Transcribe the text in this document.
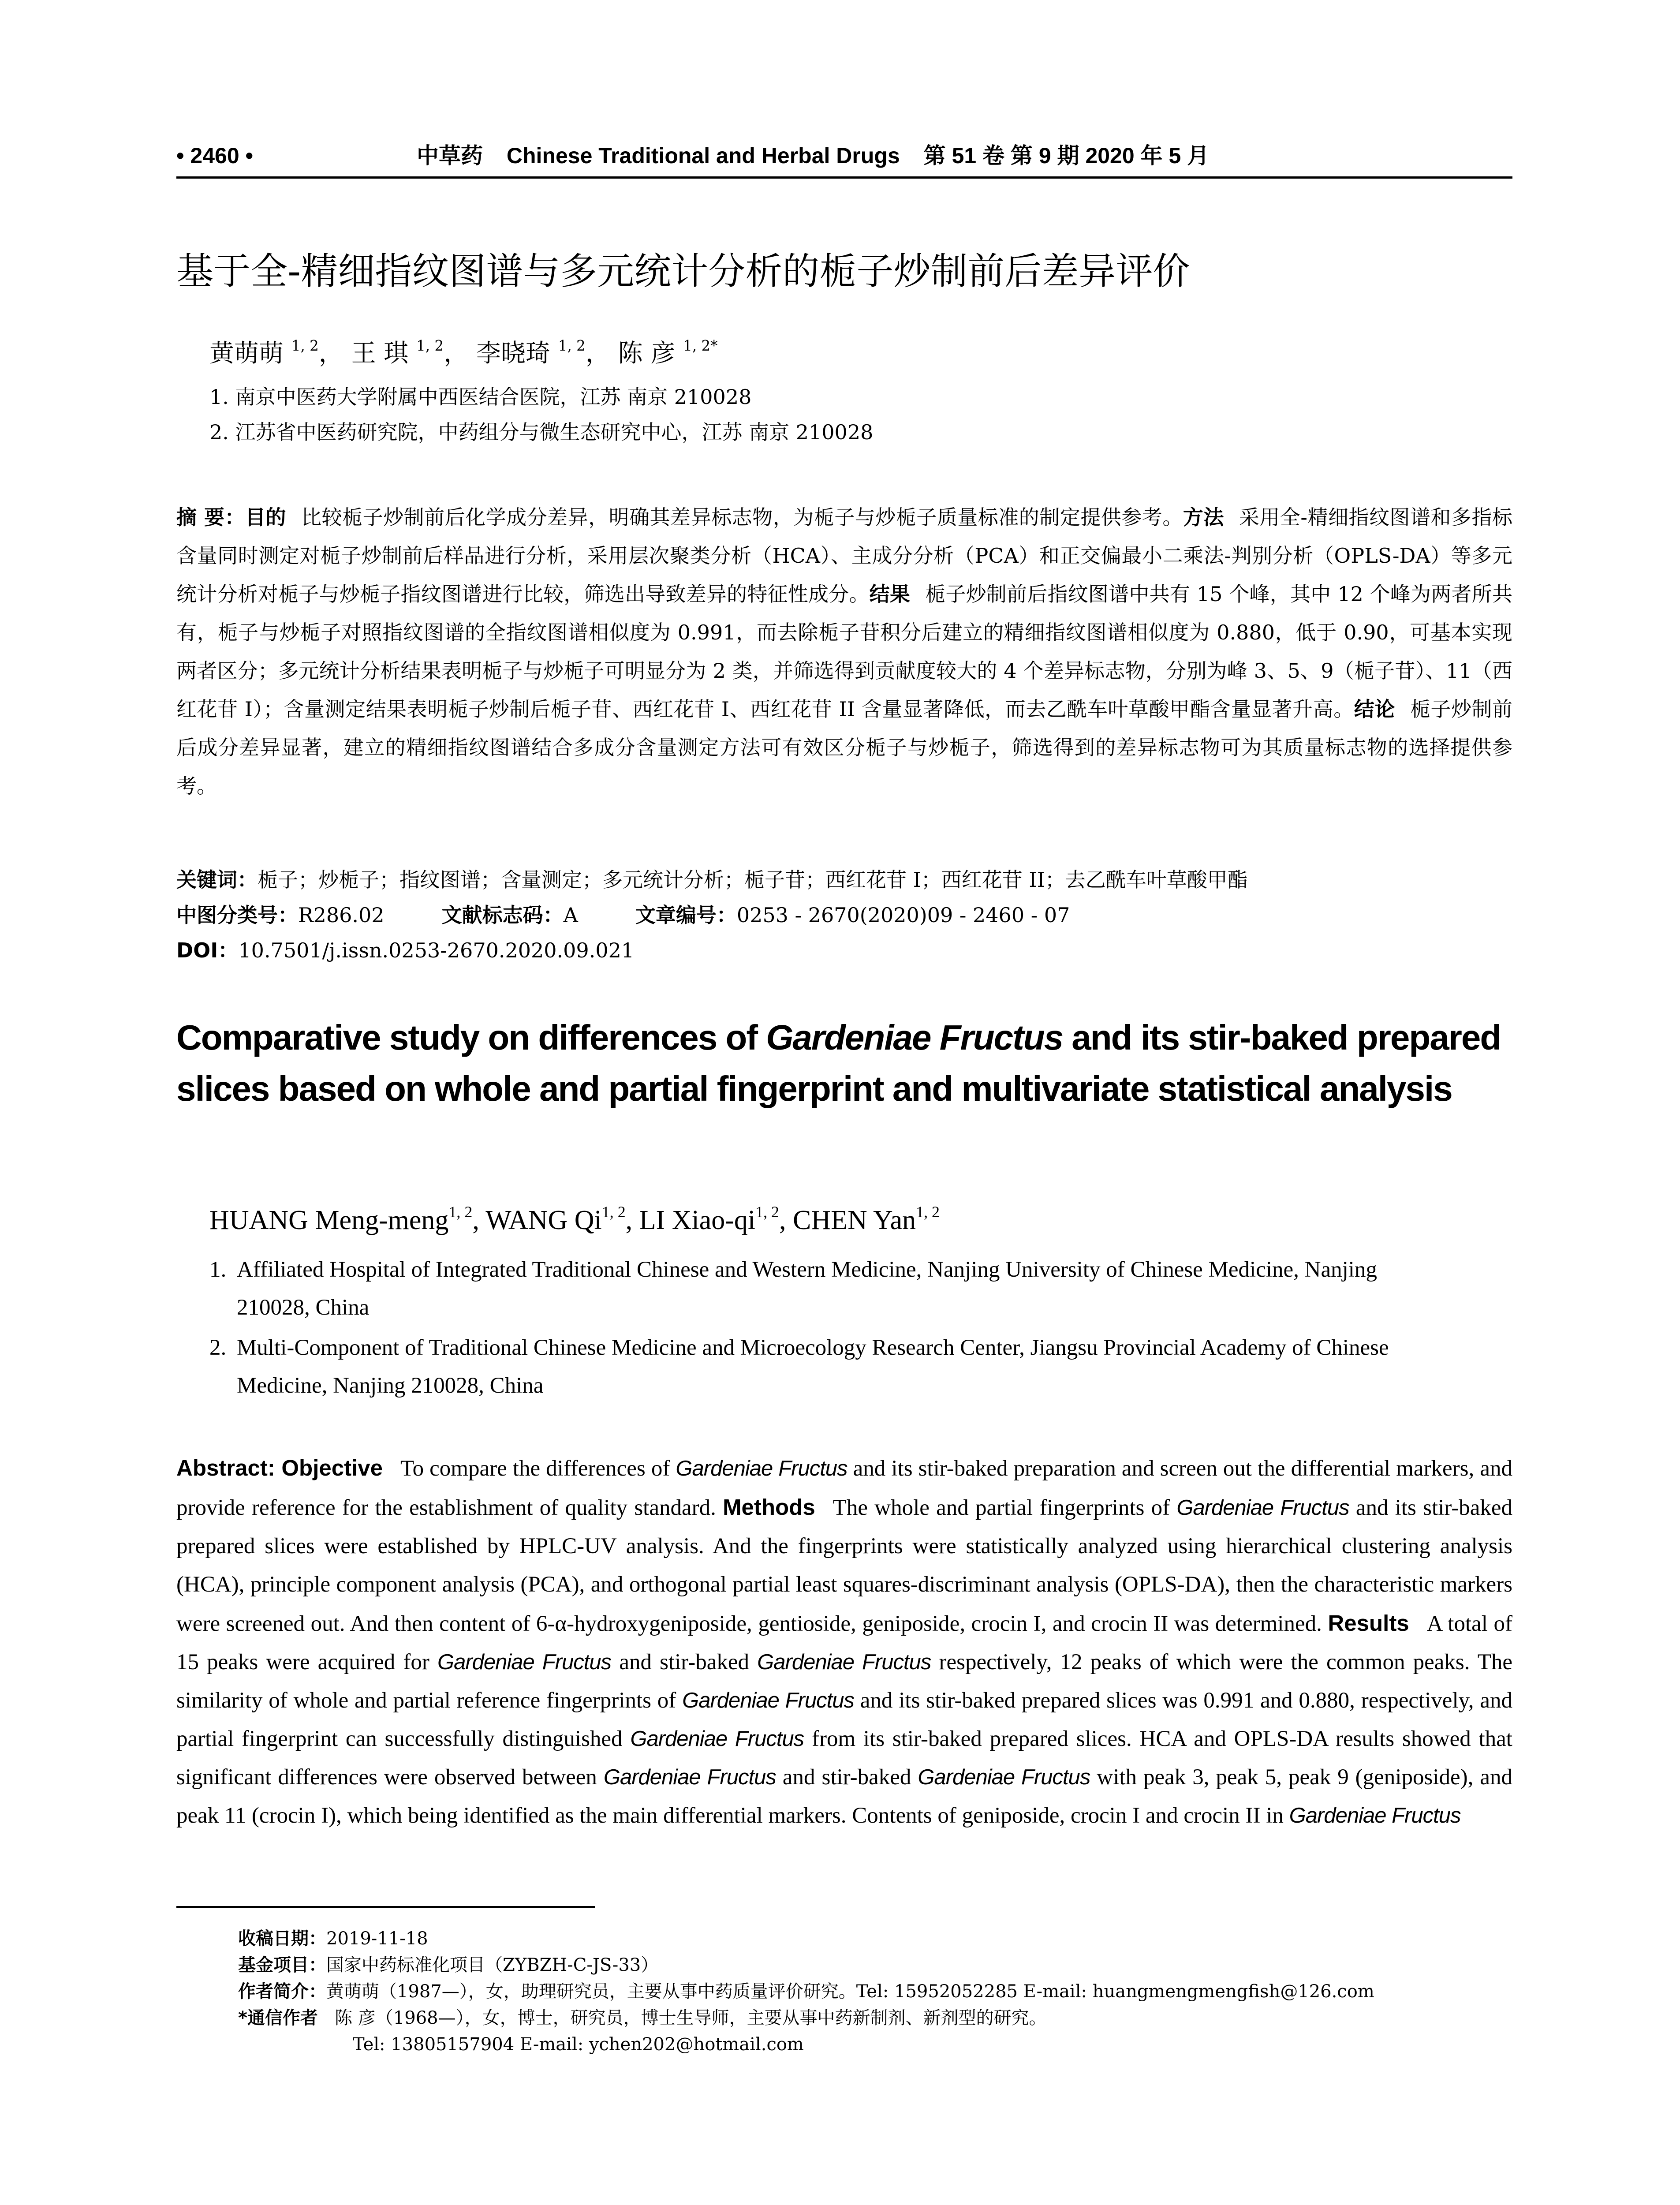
• 2460 •	中草药 Chinese Traditional and Herbal Drugs 第 51 卷 第 9 期 2020 年 5 月
基于全-精细指纹图谱与多元统计分析的栀子炒制前后差异评价
黄萌萌 $^{1, 2}$， 王 琪 $^{1, 2}$， 李晓琦 $^{1, 2}$， 陈 彦 $^{1, 2*}$
1. 南京中医药大学附属中西医结合医院，江苏 南京 210028
2. 江苏省中医药研究院，中药组分与微生态研究中心，江苏 南京 210028
摘 要：目的 比较栀子炒制前后化学成分差异，明确其差异标志物，为栀子与炒栀子质量标准的制定提供参考。方法 采用全-精细指纹图谱和多指标含量同时测定对栀子炒制前后样品进行分析，采用层次聚类分析（HCA）、主成分分析（PCA）和正交偏最小二乘法-判别分析（OPLS-DA）等多元统计分析对栀子与炒栀子指纹图谱进行比较，筛选出导致差异的特征性成分。结果 栀子炒制前后指纹图谱中共有 15 个峰，其中 12 个峰为两者所共有，栀子与炒栀子对照指纹图谱的全指纹图谱相似度为 0.991，而去除栀子苷积分后建立的精细指纹图谱相似度为 0.880，低于 0.90，可基本实现两者区分；多元统计分析结果表明栀子与炒栀子可明显分为 2 类，并筛选得到贡献度较大的 4 个差异标志物，分别为峰 3、5、9（栀子苷）、11（西红花苷 I）；含量测定结果表明栀子炒制后栀子苷、西红花苷 I、西红花苷 II 含量显著降低，而去乙酰车叶草酸甲酯含量显著升高。结论 栀子炒制前后成分差异显著，建立的精细指纹图谱结合多成分含量测定方法可有效区分栀子与炒栀子，筛选得到的差异标志物可为其质量标志物的选择提供参考。
关键词：栀子；炒栀子；指纹图谱；含量测定；多元统计分析；栀子苷；西红花苷 I；西红花苷 II；去乙酰车叶草酸甲酯
中图分类号：R286.02	文献标志码：A	文章编号：0253 - 2670(2020)09 - 2460 - 07
DOI：10.7501/j.issn.0253-2670.2020.09.021
Comparative study on differences of Gardeniae Fructus and its stir-baked prepared slices based on whole and partial fingerprint and multivariate statistical analysis
HUANG Meng-meng$^{1, 2}$, WANG Qi$^{1, 2}$, LI Xiao-qi$^{1, 2}$, CHEN Yan$^{1, 2}$
1. Affiliated Hospital of Integrated Traditional Chinese and Western Medicine, Nanjing University of Chinese Medicine, Nanjing
210028, China
2. Multi-Component of Traditional Chinese Medicine and Microecology Research Center, Jiangsu Provincial Academy of Chinese
Medicine, Nanjing 210028, China
Abstract: Objective To compare the differences of Gardeniae Fructus and its stir-baked preparation and screen out the differential markers, and provide reference for the establishment of quality standard. Methods The whole and partial fingerprints of Gardeniae Fructus and its stir-baked prepared slices were established by HPLC-UV analysis. And the fingerprints were statistically analyzed using hierarchical clustering analysis (HCA), principle component analysis (PCA), and orthogonal partial least squares-discriminant analysis (OPLS-DA), then the characteristic markers were screened out. And then content of 6-α-hydroxygeniposide, gentioside, geniposide, crocin I, and crocin II was determined. Results A total of 15 peaks were acquired for Gardeniae Fructus and stir-baked Gardeniae Fructus respectively, 12 peaks of which were the common peaks. The similarity of whole and partial reference fingerprints of Gardeniae Fructus and its stir-baked prepared slices was 0.991 and 0.880, respectively, and partial fingerprint can successfully distinguished Gardeniae Fructus from its stir-baked prepared slices. HCA and OPLS-DA results showed that significant differences were observed between Gardeniae Fructus and stir-baked Gardeniae Fructus with peak 3, peak 5, peak 9 (geniposide), and peak 11 (crocin I), which being identified as the main differential markers. Contents of geniposide, crocin I and crocin II in Gardeniae Fructus
收稿日期：2019-11-18
基金项目：国家中药标准化项目（ZYBZH-C-JS-33）
作者简介：黄萌萌（1987—），女，助理研究员，主要从事中药质量评价研究。Tel: 15952052285 E-mail: huangmengmengfish@126.com
*通信作者 陈 彦（1968—），女，博士，研究员，博士生导师，主要从事中药新制剂、新剂型的研究。
Tel: 13805157904 E-mail: ychen202@hotmail.com
